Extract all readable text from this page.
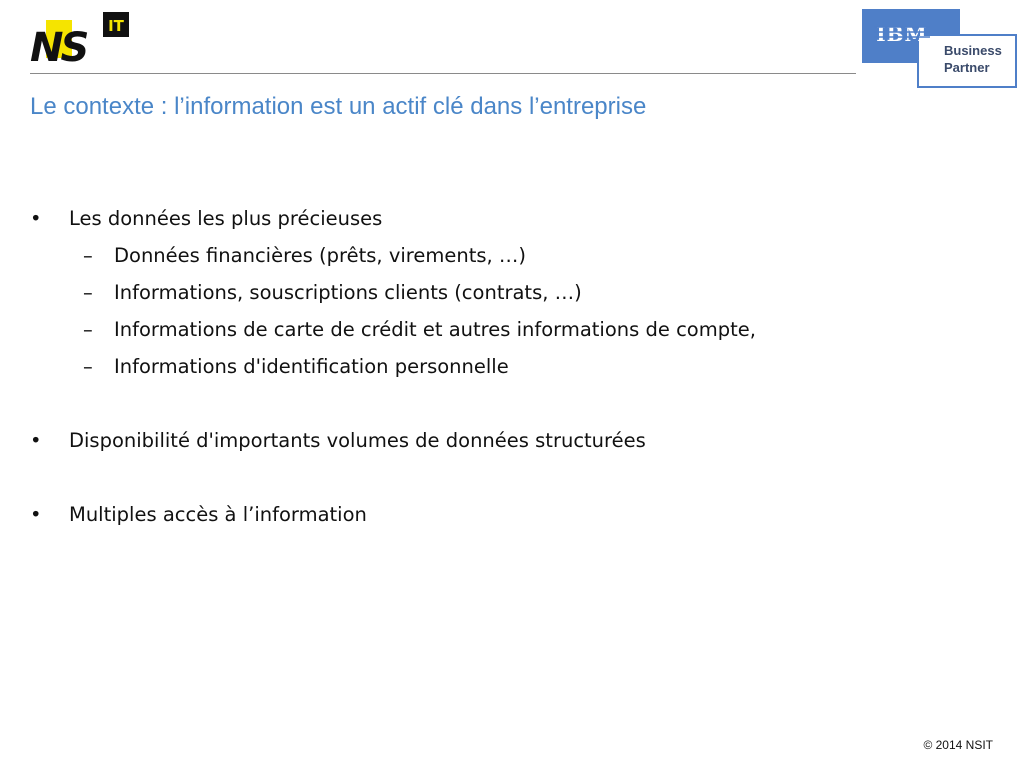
NS IT	IBM
Business
Partner
Le contexte : l’information est un actif clé dans l’entreprise
• Les données les plus précieuses
– Données financières (prêts, virements, …)
– Informations, souscriptions clients (contrats, …)
– Informations de carte de crédit et autres informations de compte,
– Informations d'identification personnelle
• Disponibilité d'importants volumes de données structurées
• Multiples accès à l’information
© 2014 NSIT
